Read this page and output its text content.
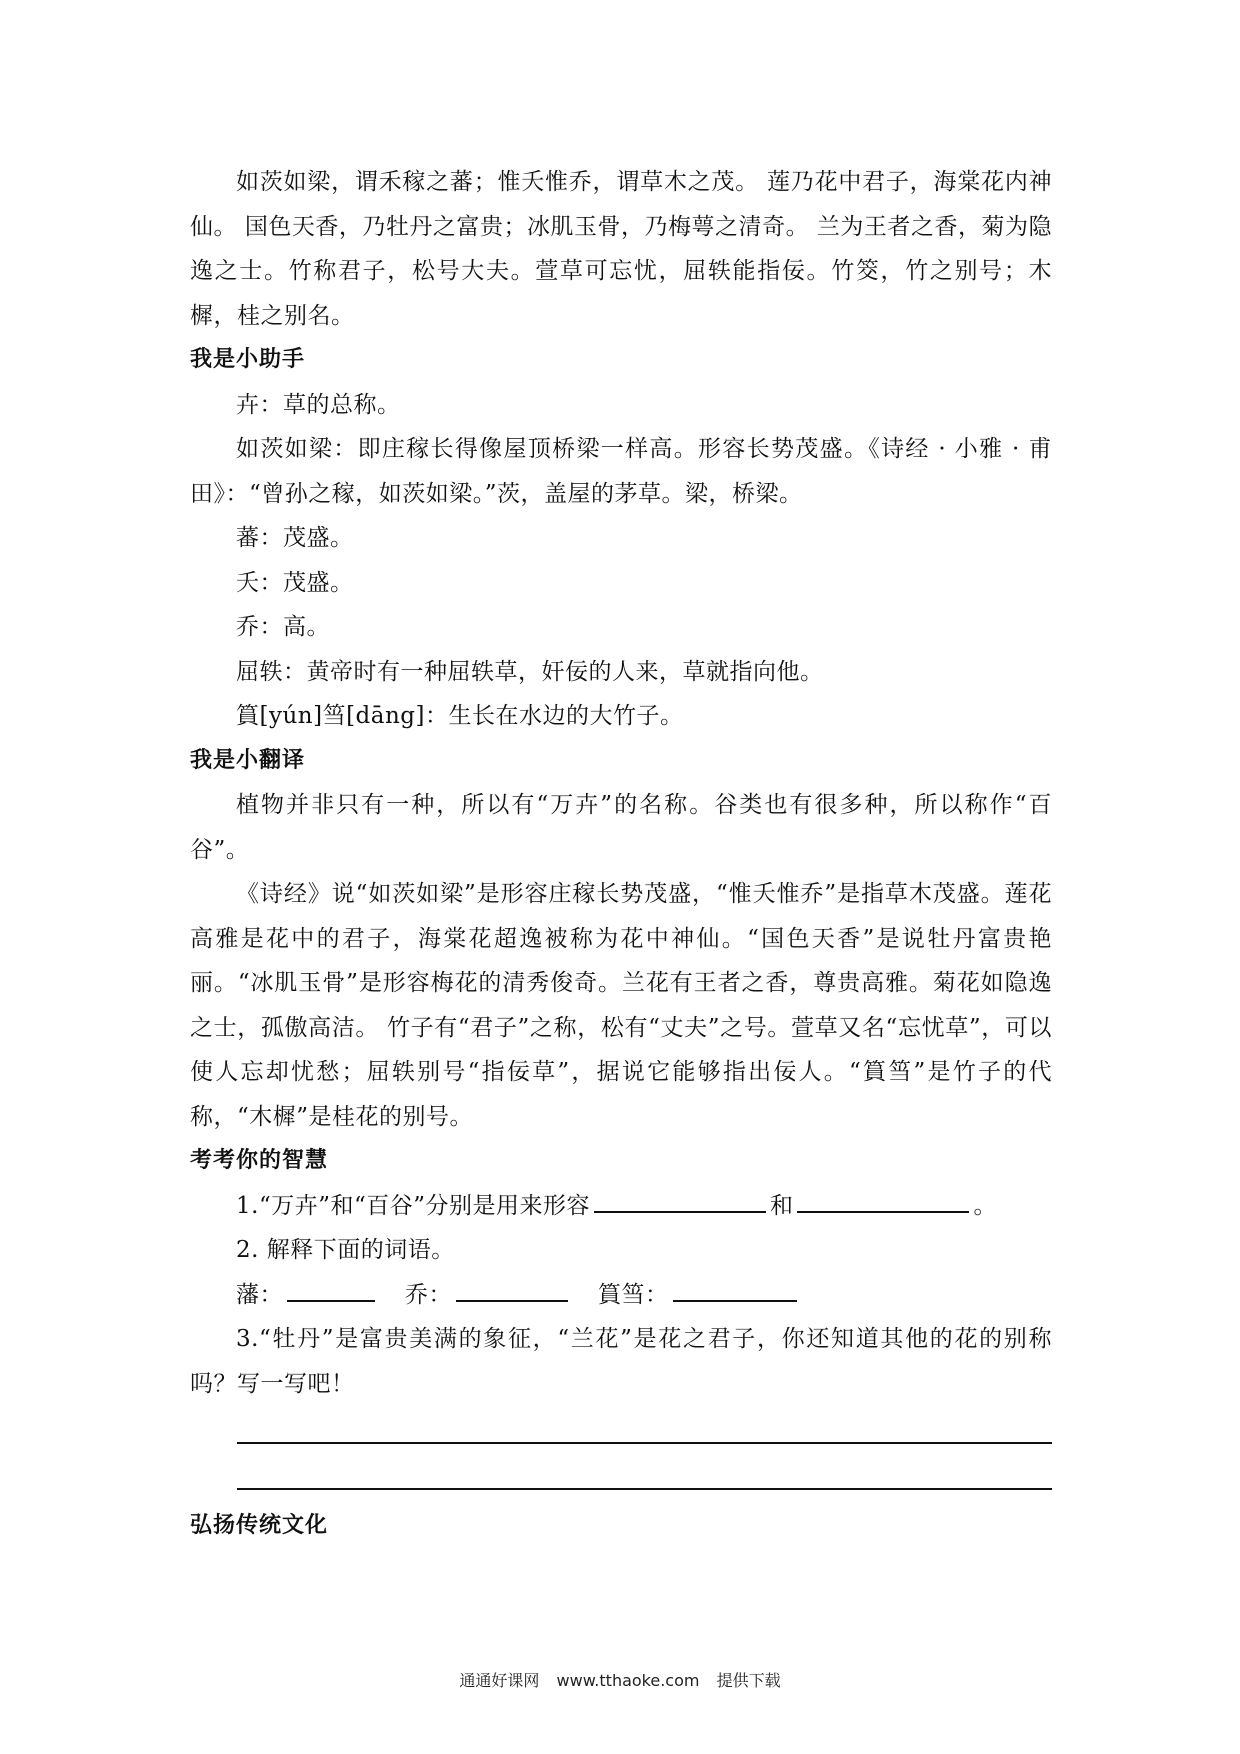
如茨如梁，谓禾稼之蕃；惟夭惟乔，谓草木之茂。 莲乃花中君子，海棠花内神仙。 国色天香，乃牡丹之富贵；冰肌玉骨，乃梅萼之清奇。 兰为王者之香，菊为隐逸之士。竹称君子，松号大夫。萱草可忘忧，屈轶能指佞。竹筊，竹之别号；木樨，桂之别名。

我是小助手

卉：草的总称。

如茨如梁：即庄稼长得像屋顶桥梁一样高。形容长势茂盛。《诗经 · 小雅 · 甫田》：“曾孙之稼，如茨如梁。”茨，盖屋的茅草。梁，桥梁。

蕃：茂盛。

夭：茂盛。

乔：高。

屈轶：黄帝时有一种屈轶草，奸佞的人来，草就指向他。

篔[yún]筜[dāng]：生长在水边的大竹子。

我是小翻译

植物并非只有一种，所以有“万卉”的名称。谷类也有很多种，所以称作“百谷”。

《诗经》说“如茨如梁”是形容庄稼长势茂盛，“惟夭惟乔”是指草木茂盛。莲花高雅是花中的君子，海棠花超逸被称为花中神仙。“国色天香”是说牡丹富贵艳丽。“冰肌玉骨”是形容梅花的清秀俊奇。兰花有王者之香，尊贵高雅。菊花如隐逸之士，孤傲高洁。 竹子有“君子”之称，松有“丈夫”之号。萱草又名“忘忧草”，可以使人忘却忧愁；屈轶别号“指佞草”，据说它能够指出佞人。“篔筜”是竹子的代称，“木樨”是桂花的别号。

考考你的智慧

1.“万卉”和“百谷”分别是用来形容	和	。

2. 解释下面的词语。

藩：	乔：	篔筜：

3.“牡丹”是富贵美满的象征，“兰花”是花之君子，你还知道其他的花的别称吗？写一写吧！

弘扬传统文化

通通好课网 www.tthaoke.com 提供下载
